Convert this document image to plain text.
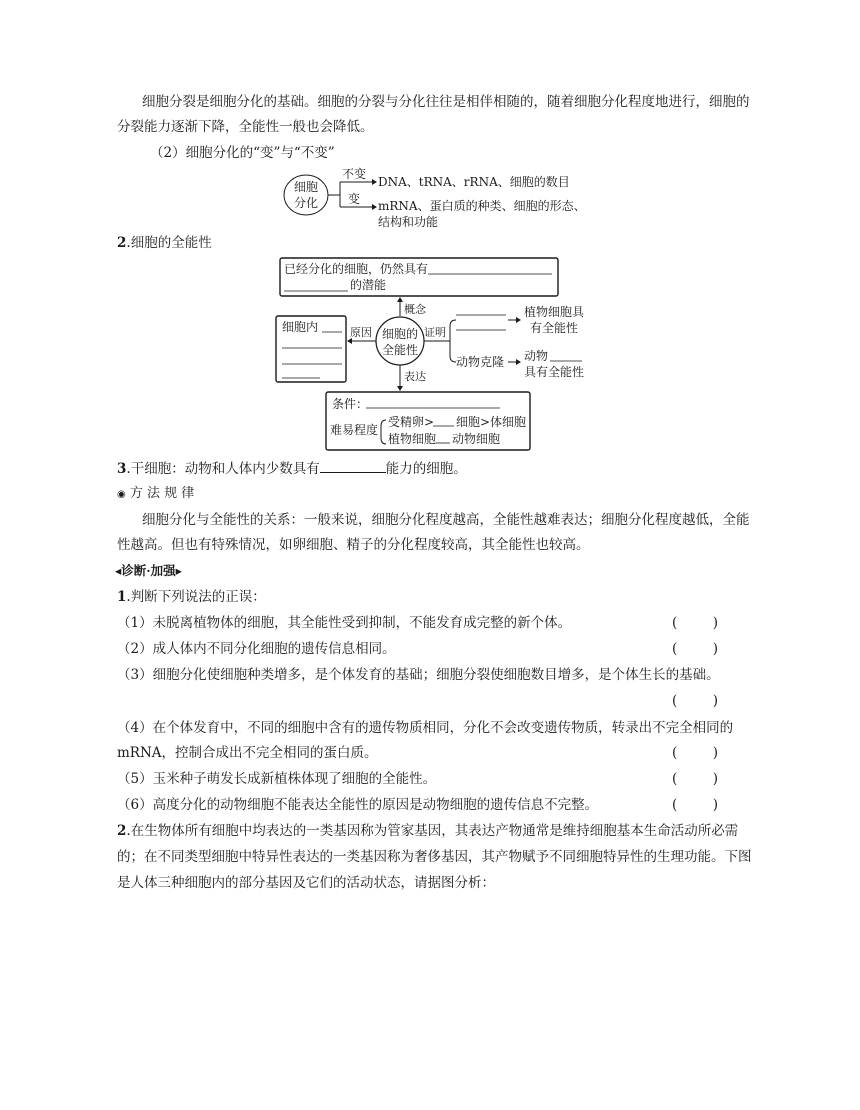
细胞分裂是细胞分化的基础。细胞的分裂与分化往往是相伴相随的，随着细胞分化程度地进行，细胞的
分裂能力逐渐下降，全能性一般也会降低。
（2）细胞分化的“变”与“不变”
细胞
分化
不变
DNA、tRNA、rRNA、细胞的数目
变 mRNA、蛋白质的种类、细胞的形态、
结构和功能
2.细胞的全能性
已经分化的细胞，仍然具有
的潜能
概念
细胞的
全能性
细胞内	原因	证明
植物细胞具
有全能性
动物克隆 动物
具有全能性
表达
条件：
难易程度
受精卵> 细胞>体细胞
植物细胞 动物细胞
3.干细胞：动物和人体内少数具有	能力的细胞。
◉ 方 法 规 律
细胞分化与全能性的关系：一般来说，细胞分化程度越高，全能性越难表达；细胞分化程度越低，全能
性越高。但也有特殊情况，如卵细胞、精子的分化程度较高，其全能性也较高。
◂诊断·加强▸
1.判断下列说法的正误：
（1）未脱离植物体的细胞，其全能性受到抑制，不能发育成完整的新个体。	(	)
（2）成人体内不同分化细胞的遗传信息相同。	(	)
（3）细胞分化使细胞种类增多，是个体发育的基础；细胞分裂使细胞数目增多，是个体生长的基础。
(	)
（4）在个体发育中，不同的细胞中含有的遗传物质相同，分化不会改变遗传物质，转录出不完全相同的
mRNA，控制合成出不完全相同的蛋白质。	(	)
（5）玉米种子萌发长成新植株体现了细胞的全能性。	(	)
（6）高度分化的动物细胞不能表达全能性的原因是动物细胞的遗传信息不完整。	(	)
2.在生物体所有细胞中均表达的一类基因称为管家基因，其表达产物通常是维持细胞基本生命活动所必需
的；在不同类型细胞中特异性表达的一类基因称为奢侈基因，其产物赋予不同细胞特异性的生理功能。下图
是人体三种细胞内的部分基因及它们的活动状态，请据图分析：
